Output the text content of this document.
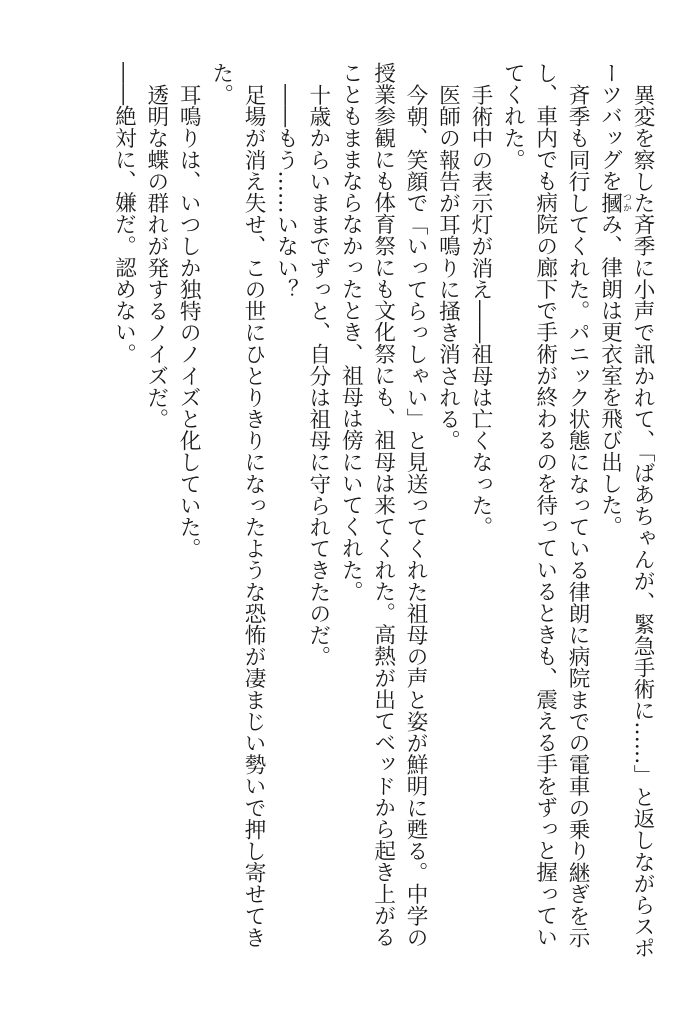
異変を察した斉季に小声で訊かれて、「ばあちゃんが、緊急手術に……」と返しながらスポーツバッグを摑つかみ、律朗は更衣室を飛び出した。

斉季も同行してくれた。パニック状態になっている律朗に病院までの電車の乗り継ぎを示し、車内でも病院の廊下で手術が終わるのを待っているときも、震える手をずっと握っていてくれた。

手術中の表示灯が消え――祖母は亡くなった。

医師の報告が耳鳴りに掻き消される。

今朝、笑顔で「いってらっしゃい」と見送ってくれた祖母の声と姿が鮮明に甦る。中学の授業参観にも体育祭にも文化祭にも、祖母は来てくれた。高熱が出てベッドから起き上がることもままならなかったとき、祖母は傍にいてくれた。

十歳からいままでずっと、自分は祖母に守られてきたのだ。

――もう……いない？

足場が消え失せ、この世にひとりきりになったような恐怖が凄まじい勢いで押し寄せてきた。

耳鳴りは、いつしか独特のノイズと化していた。

透明な蝶の群れが発するノイズだ。

――絶対に、嫌だ。認めない。
